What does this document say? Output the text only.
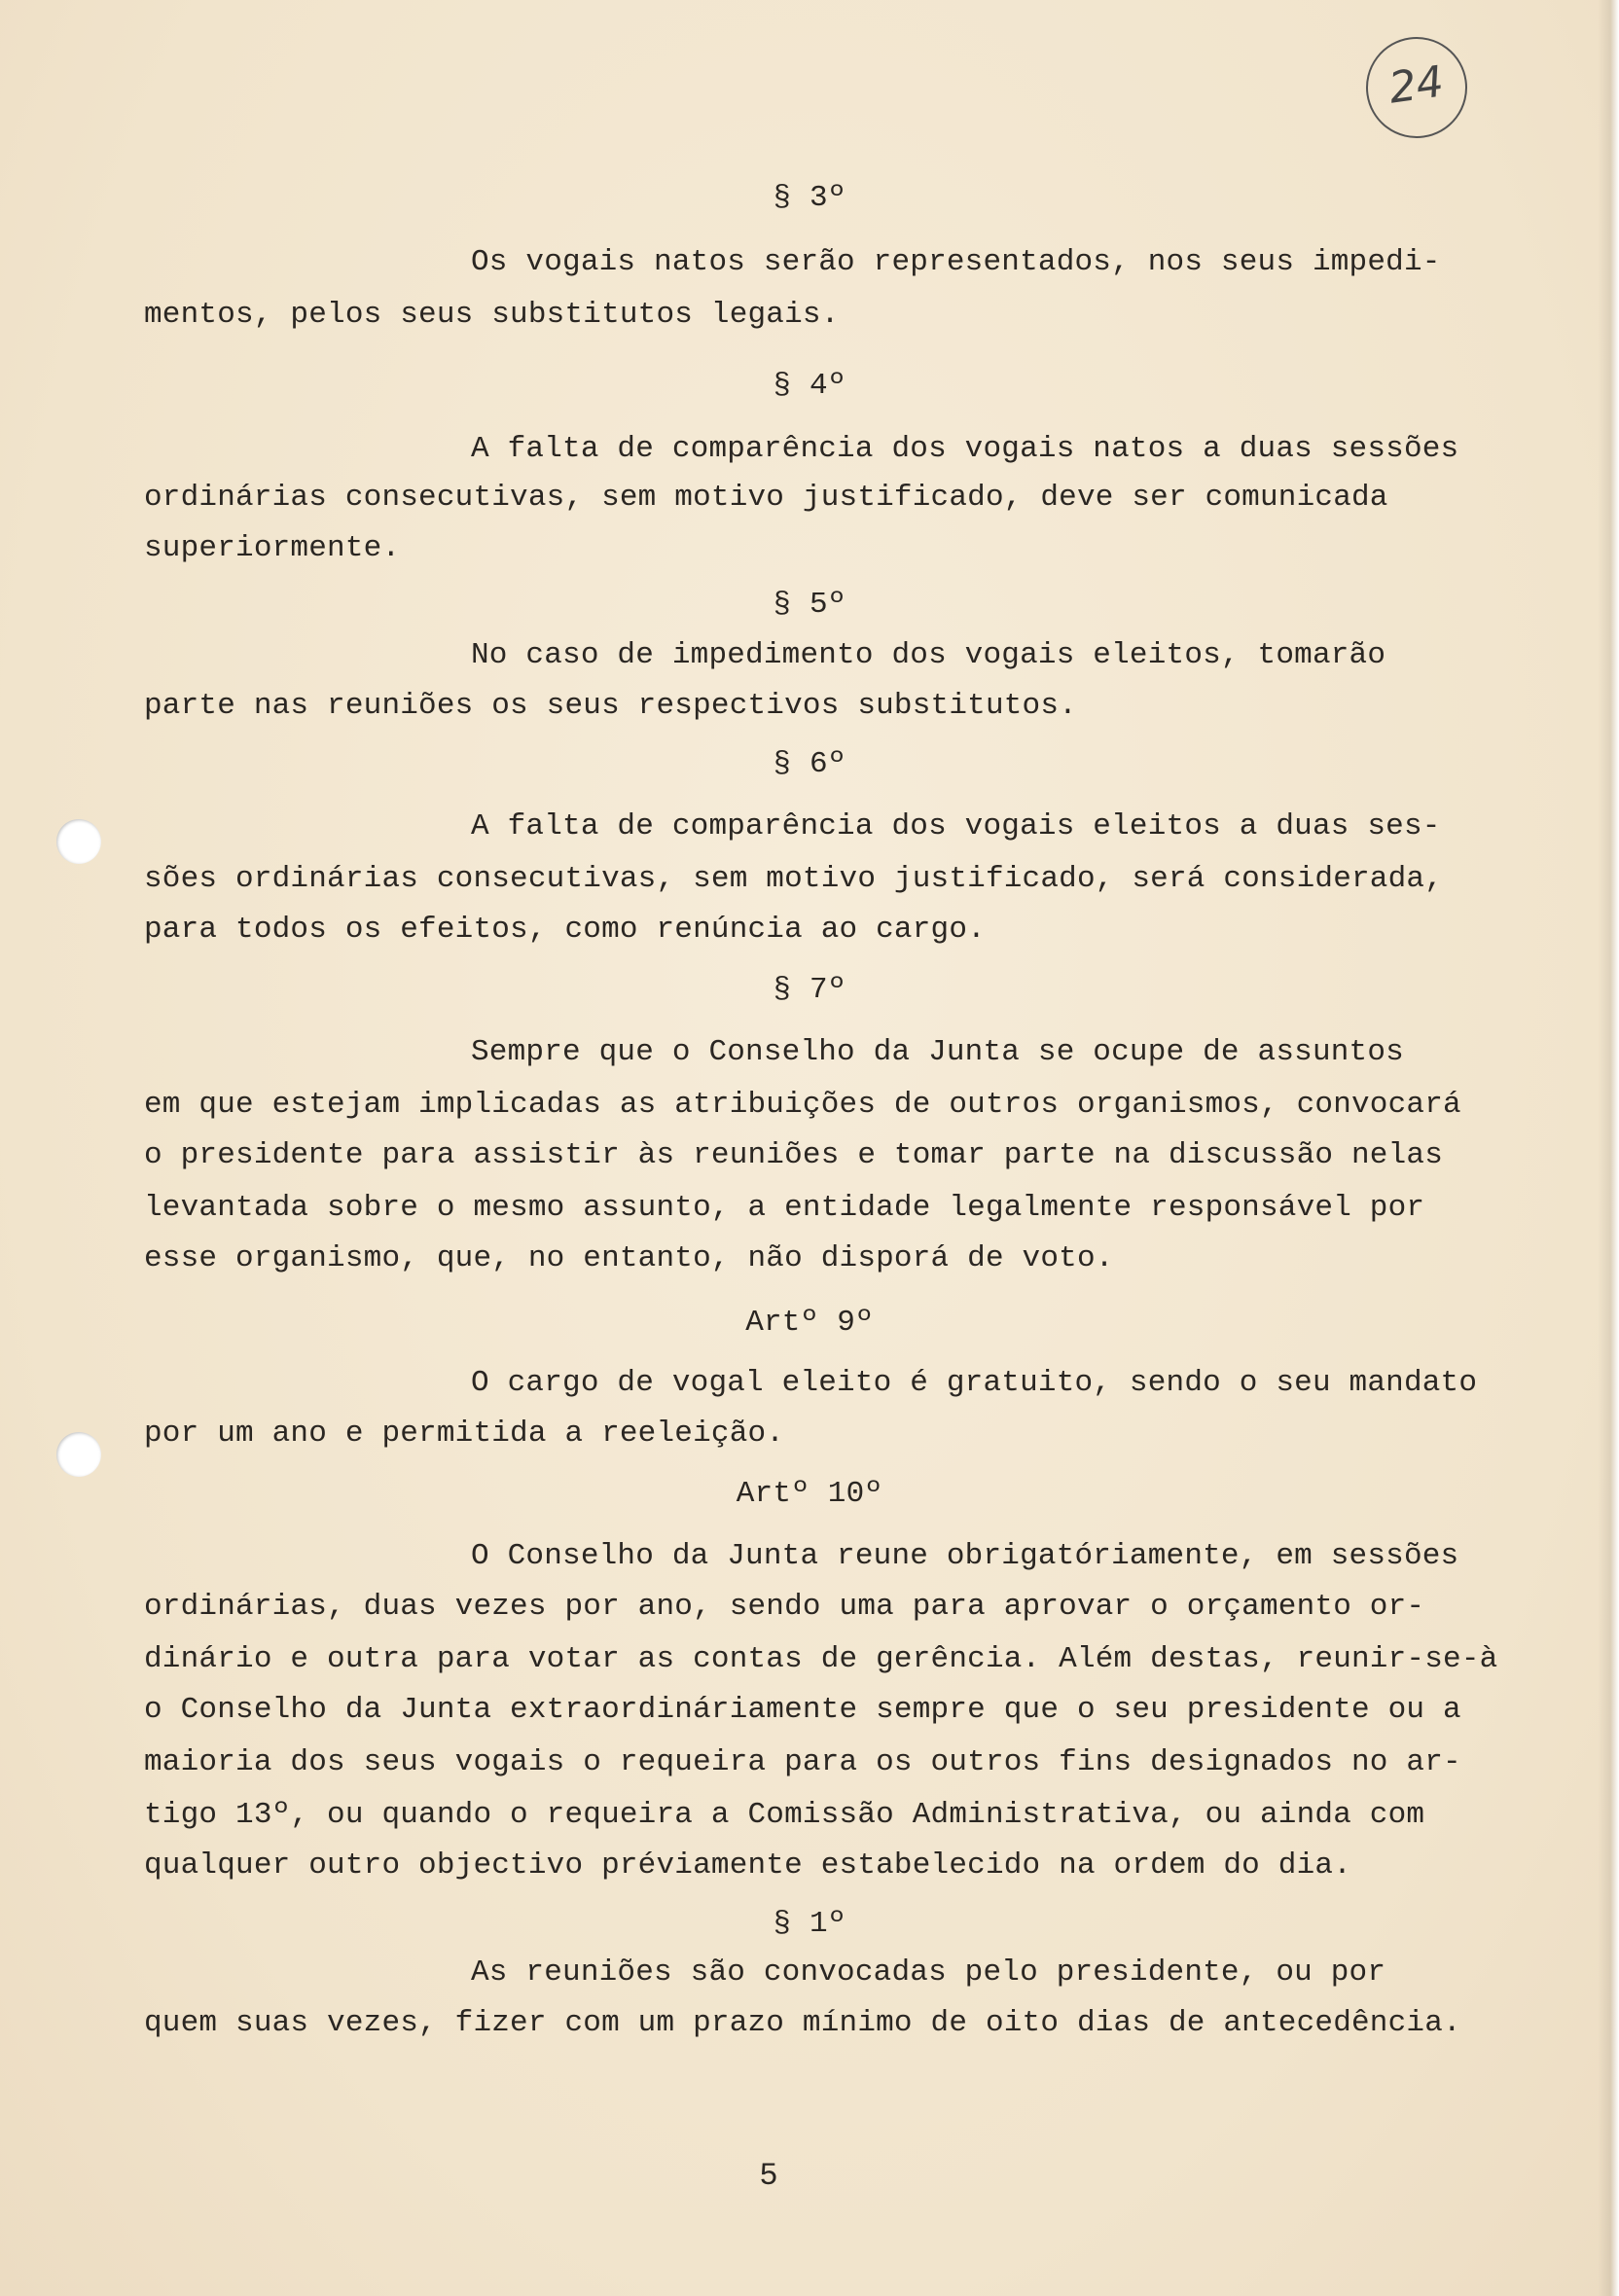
24
§ 3º
Os vogais natos serão representados, nos seus impedi-
mentos, pelos seus substitutos legais.
§ 4º
A falta de comparência dos vogais natos a duas sessões
ordinárias consecutivas, sem motivo justificado, deve ser comunicada
superiormente.
§ 5º
No caso de impedimento dos vogais eleitos, tomarão
parte nas reuniões os seus respectivos substitutos.
§ 6º
A falta de comparência dos vogais eleitos a duas ses-
sões ordinárias consecutivas, sem motivo justificado, será considerada,
para todos os efeitos, como renúncia ao cargo.
§ 7º
Sempre que o Conselho da Junta se ocupe de assuntos
em que estejam implicadas as atribuições de outros organismos, convocará
o presidente para assistir às reuniões e tomar parte na discussão nelas
levantada sobre o mesmo assunto, a entidade legalmente responsável por
esse organismo, que, no entanto, não disporá de voto.
Artº 9º
O cargo de vogal eleito é gratuito, sendo o seu mandato
por um ano e permitida a reeleição.
Artº 10º
O Conselho da Junta reune obrigatóriamente, em sessões
ordinárias, duas vezes por ano, sendo uma para aprovar o orçamento or-
dinário e outra para votar as contas de gerência. Além destas, reunir-se-à
o Conselho da Junta extraordináriamente sempre que o seu presidente ou a
maioria dos seus vogais o requeira para os outros fins designados no ar-
tigo 13º, ou quando o requeira a Comissão Administrativa, ou ainda com
qualquer outro objectivo préviamente estabelecido na ordem do dia.
§ 1º
As reuniões são convocadas pelo presidente, ou por
quem suas vezes, fizer com um prazo mínimo de oito dias de antecedência.
5
